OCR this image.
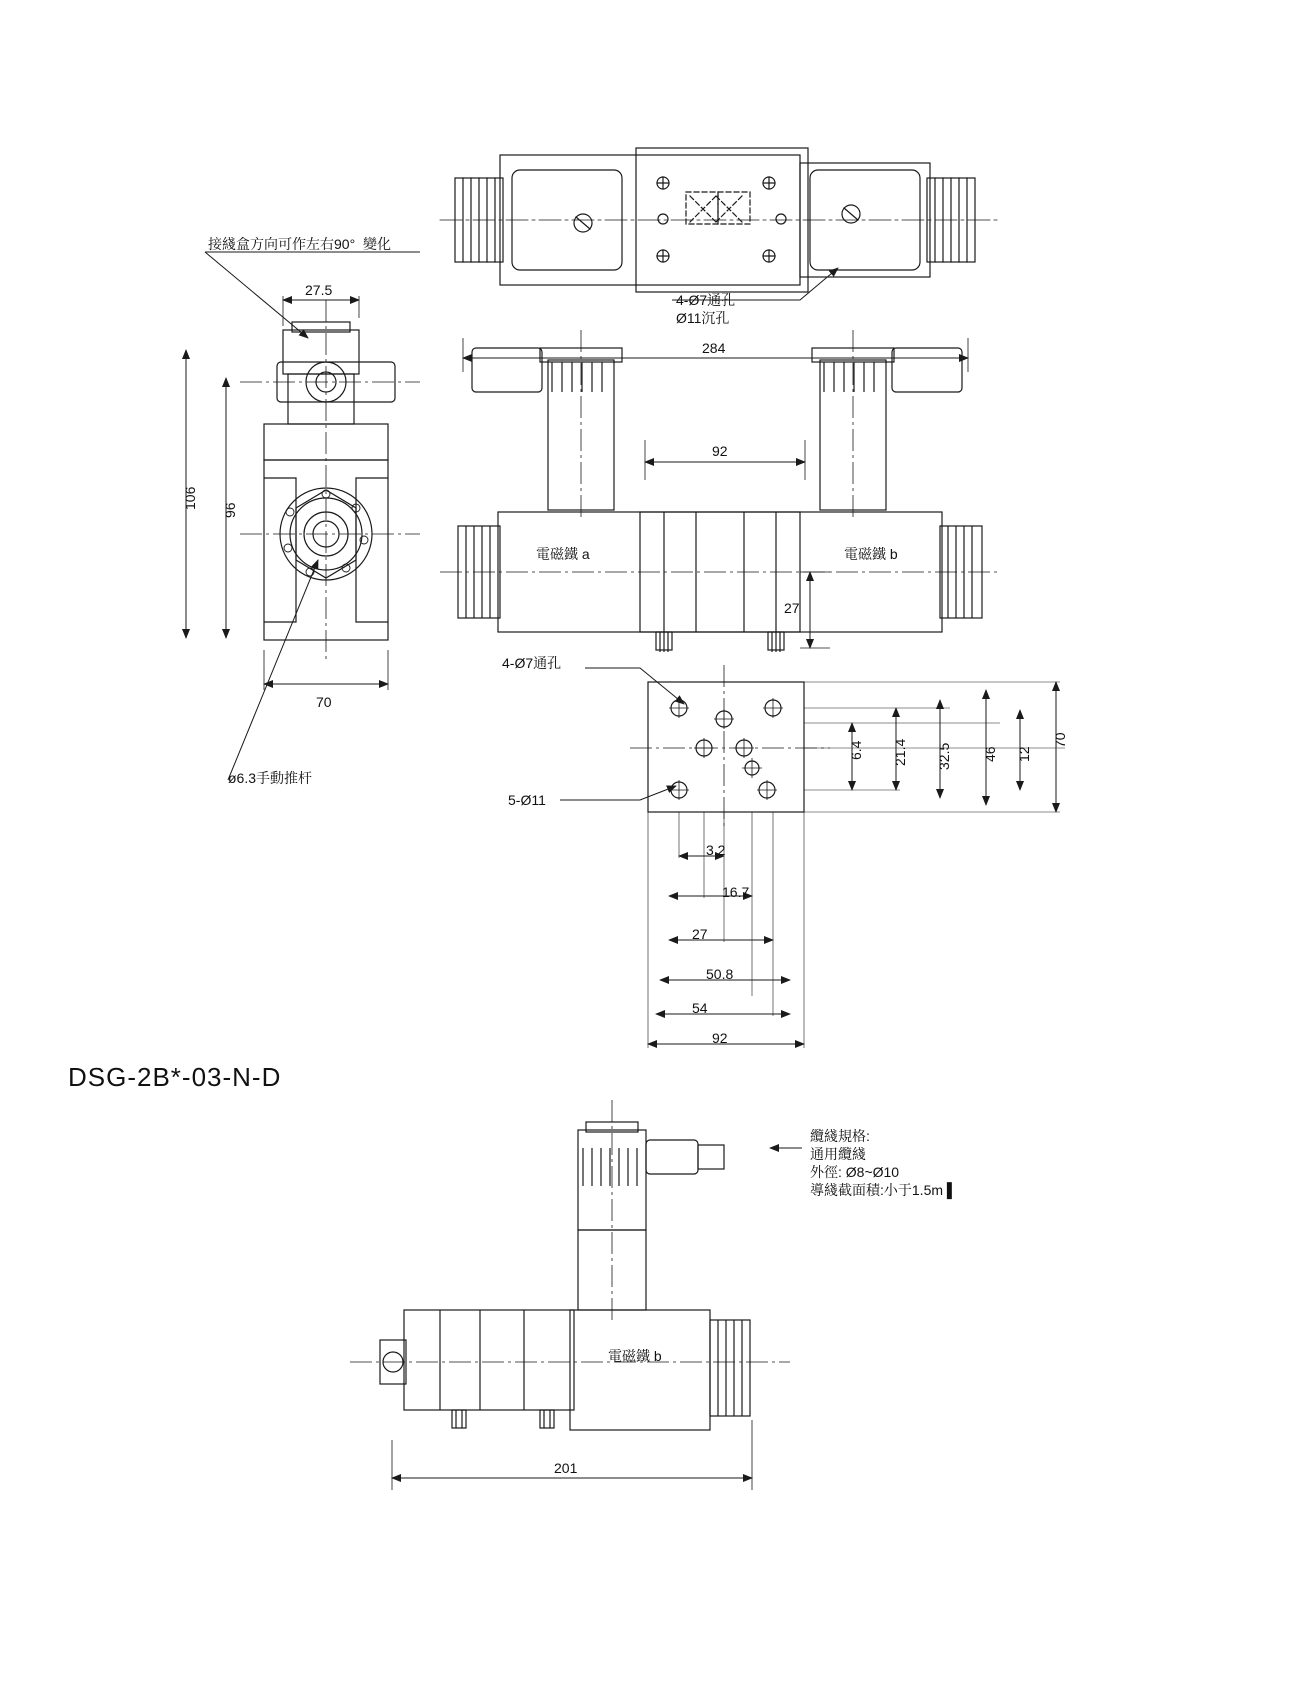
接綫盒方向可作左右90°  變化
ø6.3手動推杆
4-Ø7通孔
Ø11沉孔
4-Ø7通孔
5-Ø11
電磁鐵 a	電磁鐵 b
電磁鐵 b
纜綫規格:
通用纜綫
外徑: Ø8~Ø10
導綫截面積:小于1.5m ▌
27.5
106
96
70
284
92
27
6.4 21.4 32.5 46 12
70
3.2
16.7
27
50.8
54
92
201
DSG-2B*-03-N-D
